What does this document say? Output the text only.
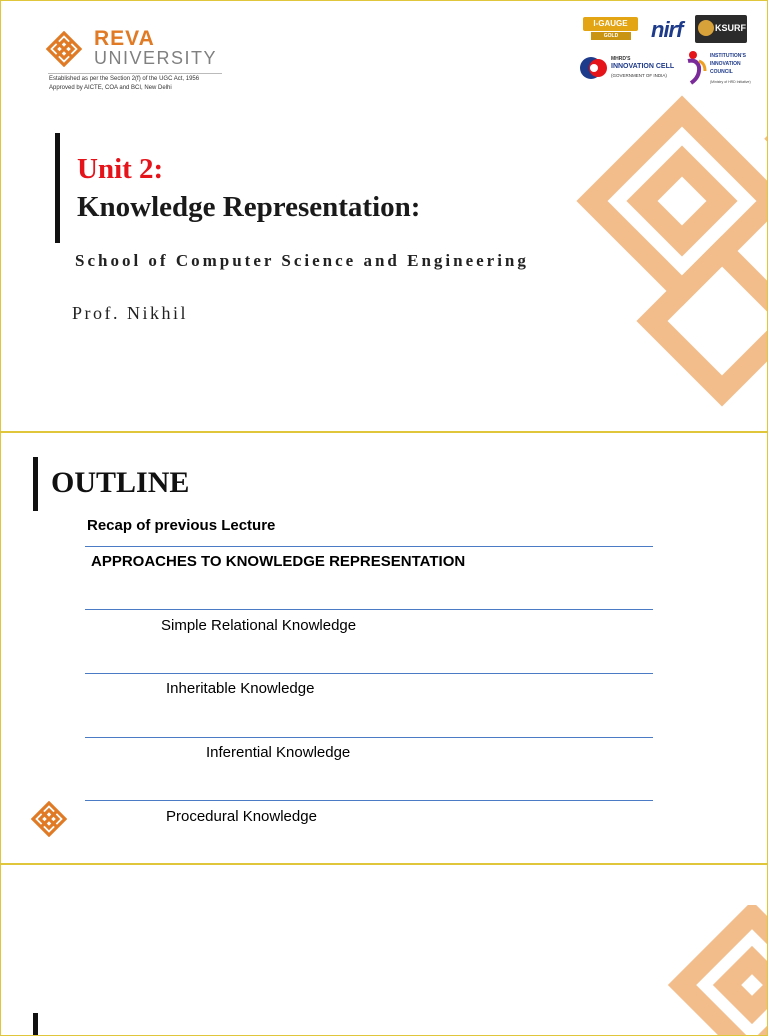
REVA
UNIVERSITY
Established as per the Section 2(f) of the UGC Act, 1956
Approved by AICTE, COA and BCI, New Delhi
I-GAUGE
GOLD	nirf	KSURF
MHRD'S
INNOVATION CELL
(GOVERNMENT OF INDIA)
INSTITUTION'S
INNOVATION
COUNCIL
(Ministry of HRD Initiative)
Unit 2:
Knowledge Representation:
School of Computer Science and Engineering
Prof. Nikhil
OUTLINE
Recap of previous Lecture
APPROACHES TO KNOWLEDGE REPRESENTATION
Simple Relational Knowledge
Inheritable Knowledge
Inferential Knowledge
Procedural Knowledge
